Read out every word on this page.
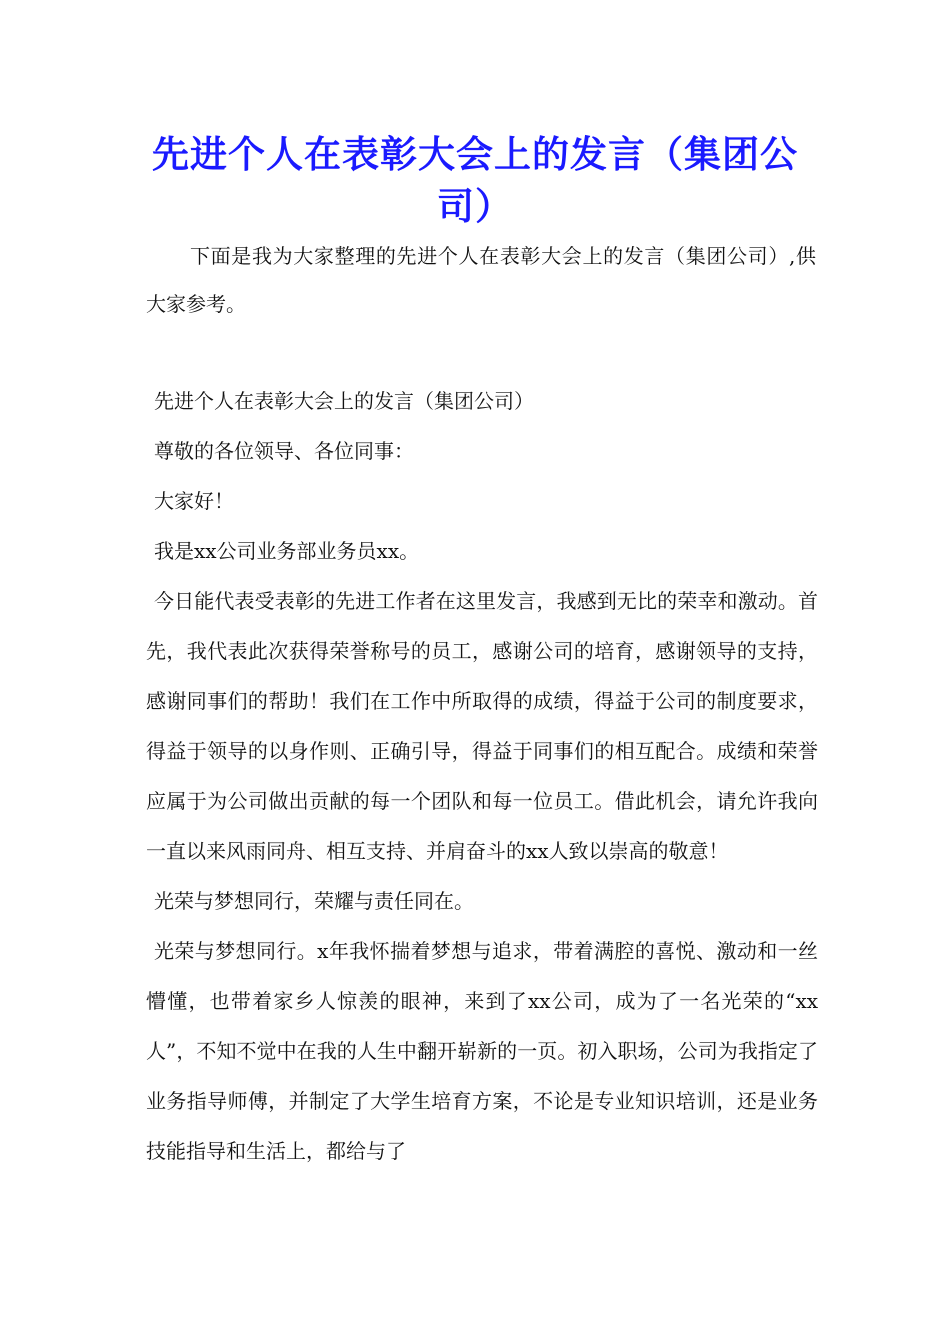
先进个人在表彰大会上的发言（集团公司）
下面是我为大家整理的先进个人在表彰大会上的发言（集团公司）,供大家参考。

先进个人在表彰大会上的发言（集团公司）

尊敬的各位领导、各位同事：

大家好！

我是xx公司业务部业务员xx。

今日能代表受表彰的先进工作者在这里发言，我感到无比的荣幸和激动。首先，我代表此次获得荣誉称号的员工，感谢公司的培育，感谢领导的支持，感谢同事们的帮助！我们在工作中所取得的成绩，得益于公司的制度要求，得益于领导的以身作则、正确引导，得益于同事们的相互配合。成绩和荣誉应属于为公司做出贡献的每一个团队和每一位员工。借此机会，请允许我向一直以来风雨同舟、相互支持、并肩奋斗的xx人致以崇高的敬意！

光荣与梦想同行，荣耀与责任同在。

光荣与梦想同行。x年我怀揣着梦想与追求，带着满腔的喜悦、激动和一丝懵懂，也带着家乡人惊羡的眼神，来到了xx公司，成为了一名光荣的“xx人”，不知不觉中在我的人生中翻开崭新的一页。初入职场，公司为我指定了业务指导师傅，并制定了大学生培育方案，不论是专业知识培训，还是业务技能指导和生活上，都给与了
